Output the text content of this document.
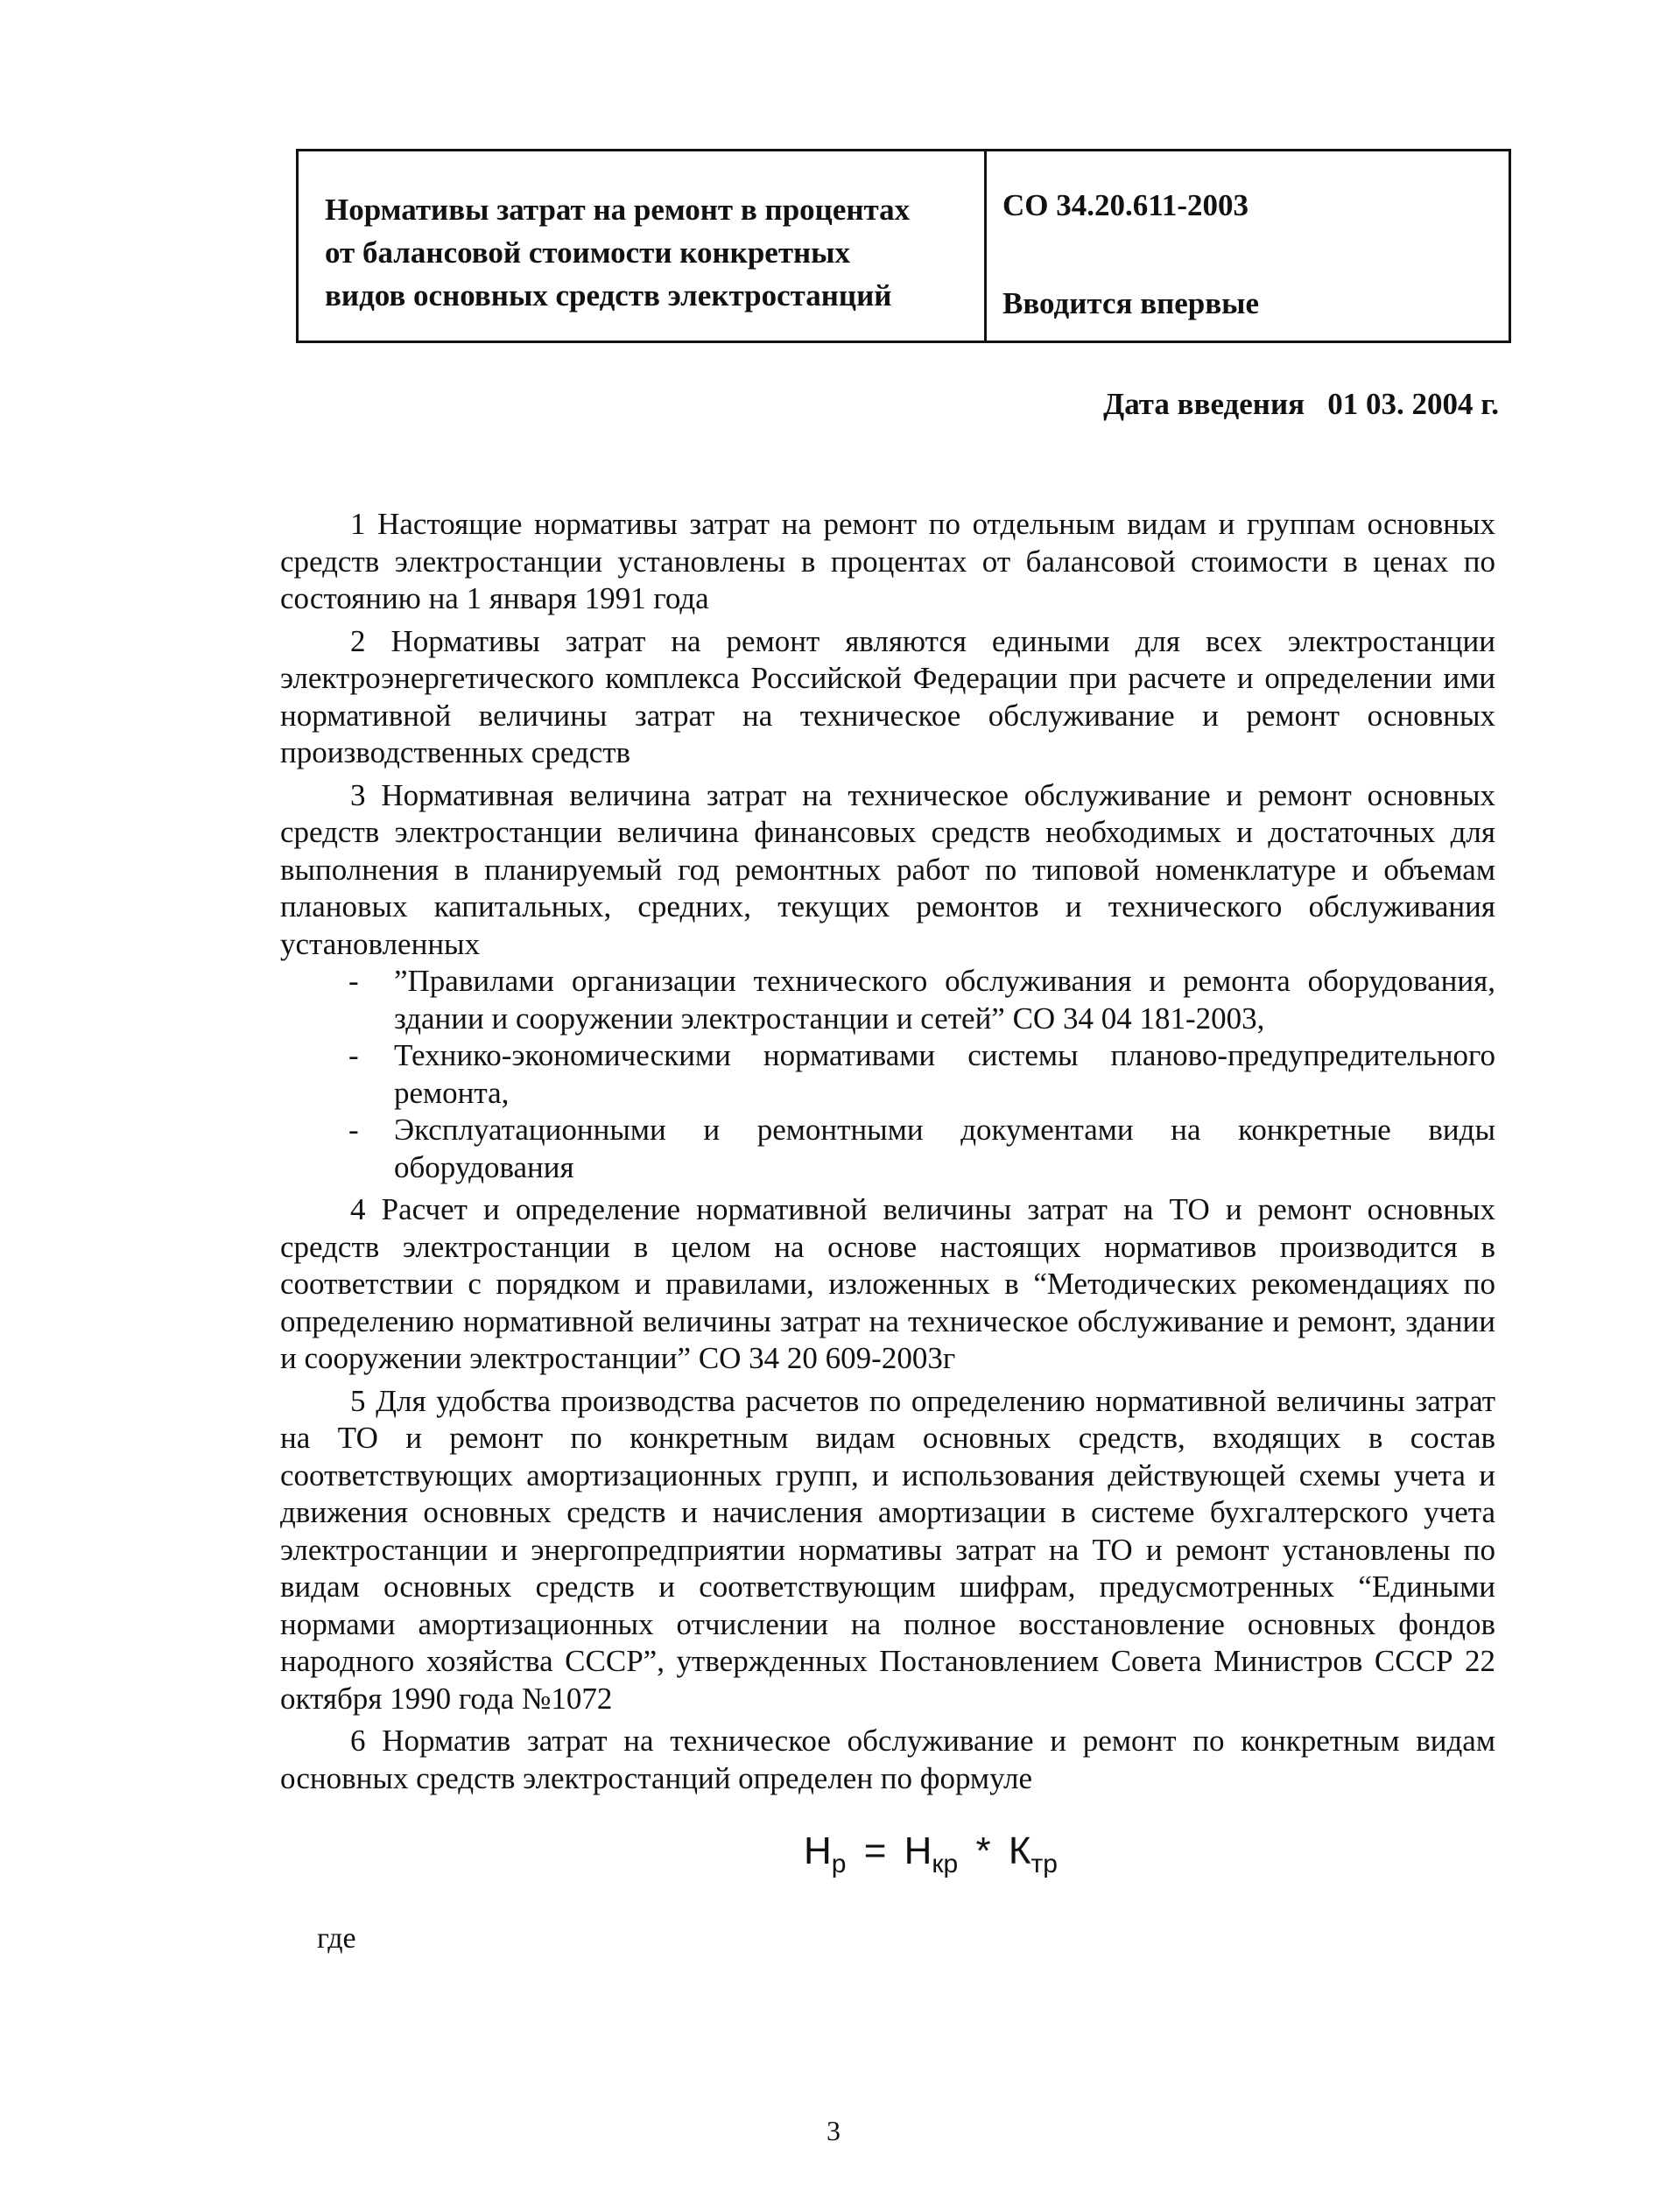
Нормативы затрат на ремонт в процентах
от балансовой стоимости конкретных
видов основных средств электростанций
СО 34.20.611-2003
Вводится впервые
Дата введения   01 03. 2004 г.

1 Настоящие нормативы затрат на ремонт по отдельным видам и группам основных средств электростанции установлены в процентах от балансовой стоимости в ценах по состоянию на 1 января 1991 года

2 Нормативы затрат на ремонт являются едиными для всех электростанции электроэнергетического комплекса Российской Федерации при расчете и определении ими нормативной величины затрат на техническое обслуживание и ремонт основных производственных средств

3 Нормативная величина затрат на техническое обслуживание и ремонт основных средств электростанции величина финансовых средств необходимых и достаточных для выполнения в планируемый год ремонтных работ по типовой номенклатуре и объемам плановых капитальных, средних, текущих ремонтов и технического обслуживания установленных

- ”Правилами организации технического обслуживания и ремонта оборудования, здании и сооружении электростанции и сетей” СО 34 04 181-2003,
- Технико-экономическими нормативами системы планово-предупредительного ремонта,
- Эксплуатационными и ремонтными документами на конкретные виды оборудования

4 Расчет и определение нормативной величины затрат на ТО и ремонт основных средств электростанции в целом на основе настоящих нормативов производится в соответствии с порядком и правилами, изложенных в “Методических рекомендациях по определению нормативной величины затрат на техническое обслуживание и ремонт, здании и сооружении электростанции” СО 34 20 609-2003г

5 Для удобства производства расчетов по определению нормативной величины затрат на ТО и ремонт по конкретным видам основных средств, входящих в состав соответствующих амортизационных групп, и использования действующей схемы учета и движения основных средств и начисления амортизации в системе бухгалтерского учета электростанции и энергопредприятии нормативы затрат на ТО и ремонт установлены по видам основных средств и соответствующим шифрам, предусмотренных “Едиными нормами амортизационных отчислении на полное восстановление основных фондов народного хозяйства СССР”, утвержденных Постановлением Совета Министров СССР 22 октября 1990 года №1072

6 Норматив затрат на техническое обслуживание и ремонт по конкретным видам основных средств электростанций определен по формуле

$Н_р = Н_{кр} * К_{тр}$
где
3
